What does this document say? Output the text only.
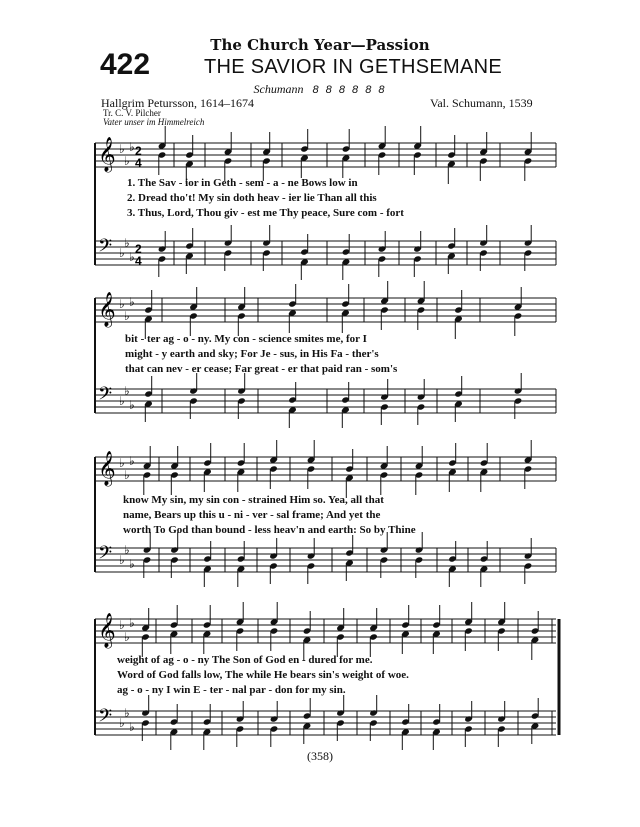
The Church Year—Passion
422	THE SAVIOR IN GETHSEMANE
Schumann 8 8 8 8 8 8
Hallgrim Petursson, 1614–1674
Tr. C. V. Pilcher
Vater unser im Himmelreich
Val. Schumann, 1539
𝄞 ♭
♭
♭
𝄢 ♭
♭
♭
2
4
2
4
𝄞 ♭
♭
♭
𝄢 ♭
♭
♭
𝄞 ♭
♭
♭
𝄢 ♭
♭
♭
𝄞 ♭
♭
♭
𝄢 ♭
♭
♭
1. The Sav - ior in Geth - sem - a - ne Bows low in
2. Dread tho't! My sin doth heav - ier lie Than all this
3. Thus, Lord, Thou giv - est me Thy peace, Sure com - fort
bit - ter ag - o - ny. My con - science smites me, for I
might - y earth and sky; For Je - sus, in His Fa - ther's
that can nev - er cease; Far great - er that paid ran - som's
know My sin, my sin con - strained Him so. Yea, all that
name, Bears up this u - ni - ver - sal frame; And yet the
worth To God than bound - less heav'n and earth: So by Thine
weight of ag - o - ny The Son of God en - dured for me.
Word of God falls low, The while He bears sin's weight of woe.
ag - o - ny I win E - ter - nal par - don for my sin.
(358)
